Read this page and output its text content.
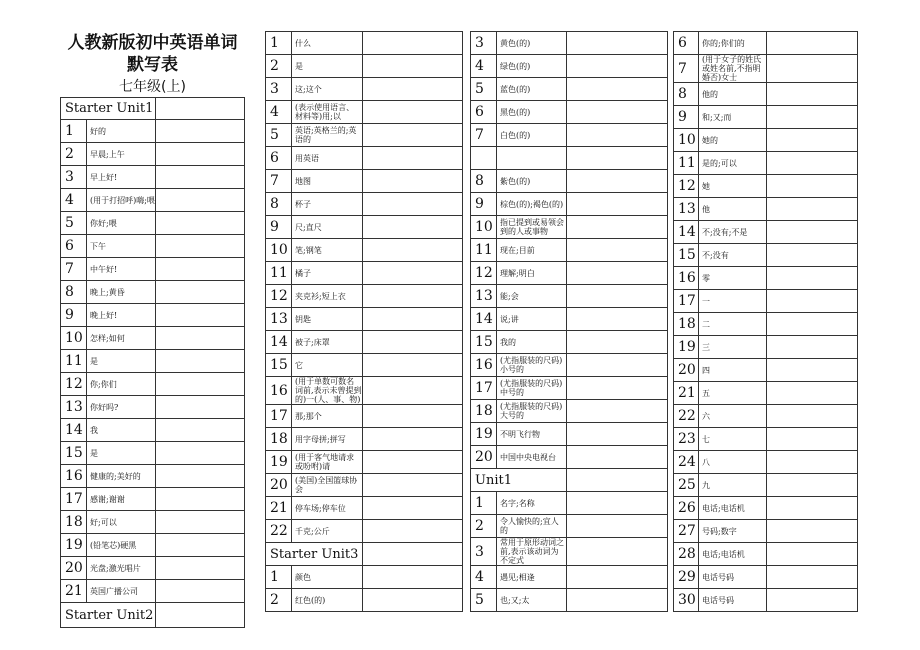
人教新版初中英语单词默写表
七年级(上)
Starter Unit1		
1	好的	
2	早晨;上午	
3	早上好!	
4	(用于打招呼)嗨;喂	
5	你好;喂	
6	下午	
7	中午好!	
8	晚上;黄昏	
9	晚上好!	
10	怎样;如何	
11	是	
12	你;你们	
13	你好吗?	
14	我	
15	是	
16	健康的;美好的	
17	感谢;谢谢	
18	好;可以	
19	(铅笔芯)硬黑	
20	光盘;激光唱片	
21	英国广播公司	
Starter Unit2		
1	什么	
2	是	
3	这;这个	
4	(表示使用语言、材料等)用;以	
5	英语;英格兰的;英语的	
6	用英语	
7	地图	
8	杯子	
9	尺;直尺	
10	笔;钢笔	
11	橘子	
12	夹克衫;短上衣	
13	钥匙	
14	被子;床罩	
15	它	
16	(用于单数可数名词前,表示未曾提到的)一(人、事、物)	
17	那;那个	
18	用字母拼;拼写	
19	(用于客气地请求或吩咐)请	
20	(美国)全国篮球协会	
21	停车场;停车位	
22	千克;公斤	
Starter Unit3		
1	颜色	
2	红色(的)	
3	黄色(的)	
4	绿色(的)	
5	蓝色(的)	
6	黑色(的)	
7	白色(的)	

8	紫色(的)	
9	棕色(的);褐色(的)	
10	指已提到或易领会到的人或事物	
11	现在;目前	
12	理解;明白	
13	能;会	
14	说;讲	
15	我的	
16	(尤指服装的尺码)小号的	
17	(尤指服装的尺码)中号的	
18	(尤指服装的尺码)大号的	
19	不明飞行物	
20	中国中央电视台	
Unit1		
1	名字;名称	
2	令人愉快的;宜人的	
3	常用于原形动词之前,表示该动词为不定式	
4	遇见;相逢	
5	也;又;太	
6	你的;你们的	
7	(用于女子的姓氏或姓名前,不指明婚否)女士	
8	他的	
9	和;又;而	
10	她的	
11	是的;可以	
12	她	
13	他	
14	不;没有;不是	
15	不;没有	
16	零	
17	一	
18	二	
19	三	
20	四	
21	五	
22	六	
23	七	
24	八	
25	九	
26	电话;电话机	
27	号码;数字	
28	电话;电话机	
29	电话号码	
30	电话号码	
